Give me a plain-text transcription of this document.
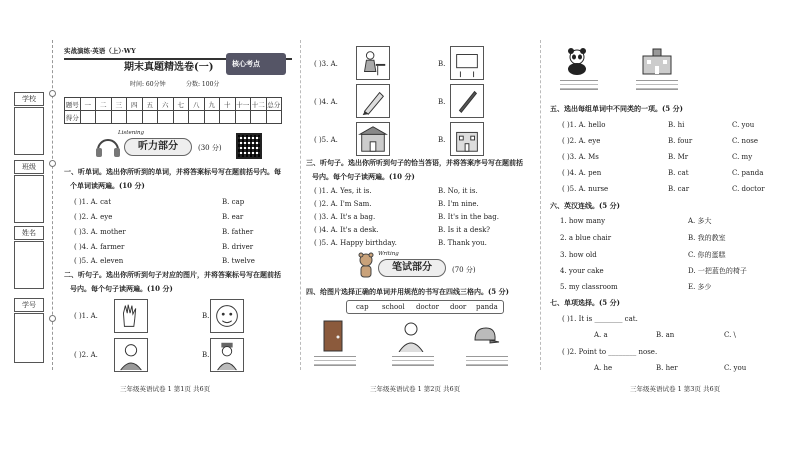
学校
班级
姓名
学号
实战演练·英语（上）·WY
期末真题精选卷(一)	核心考点
时间: 60分钟	分数: 100分
题号	一	二	三	四	五	六	七	八	九	十	十一	十二	总分
得分													
Listening
听力部分	(30 分)
一、听单词。选出你所听到的单词，并将答案标号写在题前括号内。每
个单词读两遍。(10 分)
( )1. A. cat	B. cap
( )2. A. eye	B. ear
( )3. A. mother	B. father
( )4. A. farmer	B. driver
( )5. A. eleven	B. twelve
二、听句子。选出你所听到句子对应的图片，并将答案标号写在题前括
号内。每个句子读两遍。(10 分)
( )1. A.	B.
( )2. A.	B.
三年级英语试卷 1 第1页 共6页
( )3. A.	B.
( )4. A.	B.
( )5. A.	B.
三、听句子。选出你所听到句子的恰当答语，并将答案序号写在题前括
号内。每个句子读两遍。(10 分)
( )1. A. Yes, it is.	B. No, it is.
( )2. A. I'm Sam.	B. I'm nine.
( )3. A. It's a bag.	B. It's in the bag.
( )4. A. It's a desk.	B. Is it a desk?
( )5. A. Happy birthday.	B. Thank you.
Writing
笔试部分	(70 分)
四、给图片选择正确的单词并用规范的书写在四线三格内。(5 分)
cap school doctor door panda
三年级英语试卷 1 第2页 共6页
五、选出每组单词中不同类的一项。(5 分)
( )1. A. hello	B. hi	C. you
( )2. A. eye	B. four	C. nose
( )3. A. Ms	B. Mr	C. my
( )4. A. pen	B. cat	C. panda
( )5. A. nurse	B. car	C. doctor
六、英汉连线。(5 分)
1. how many	A. 多大
2. a blue chair	B. 我的教室
3. how old	C. 你的蛋糕
4. your cake	D. 一把蓝色的椅子
5. my classroom	E. 多少
七、单项选择。(5 分)
( )1. It is ________ cat.
A. a	B. an	C. \
( )2. Point to ________ nose.
A. he	B. her	C. you
三年级英语试卷 1 第3页 共6页
